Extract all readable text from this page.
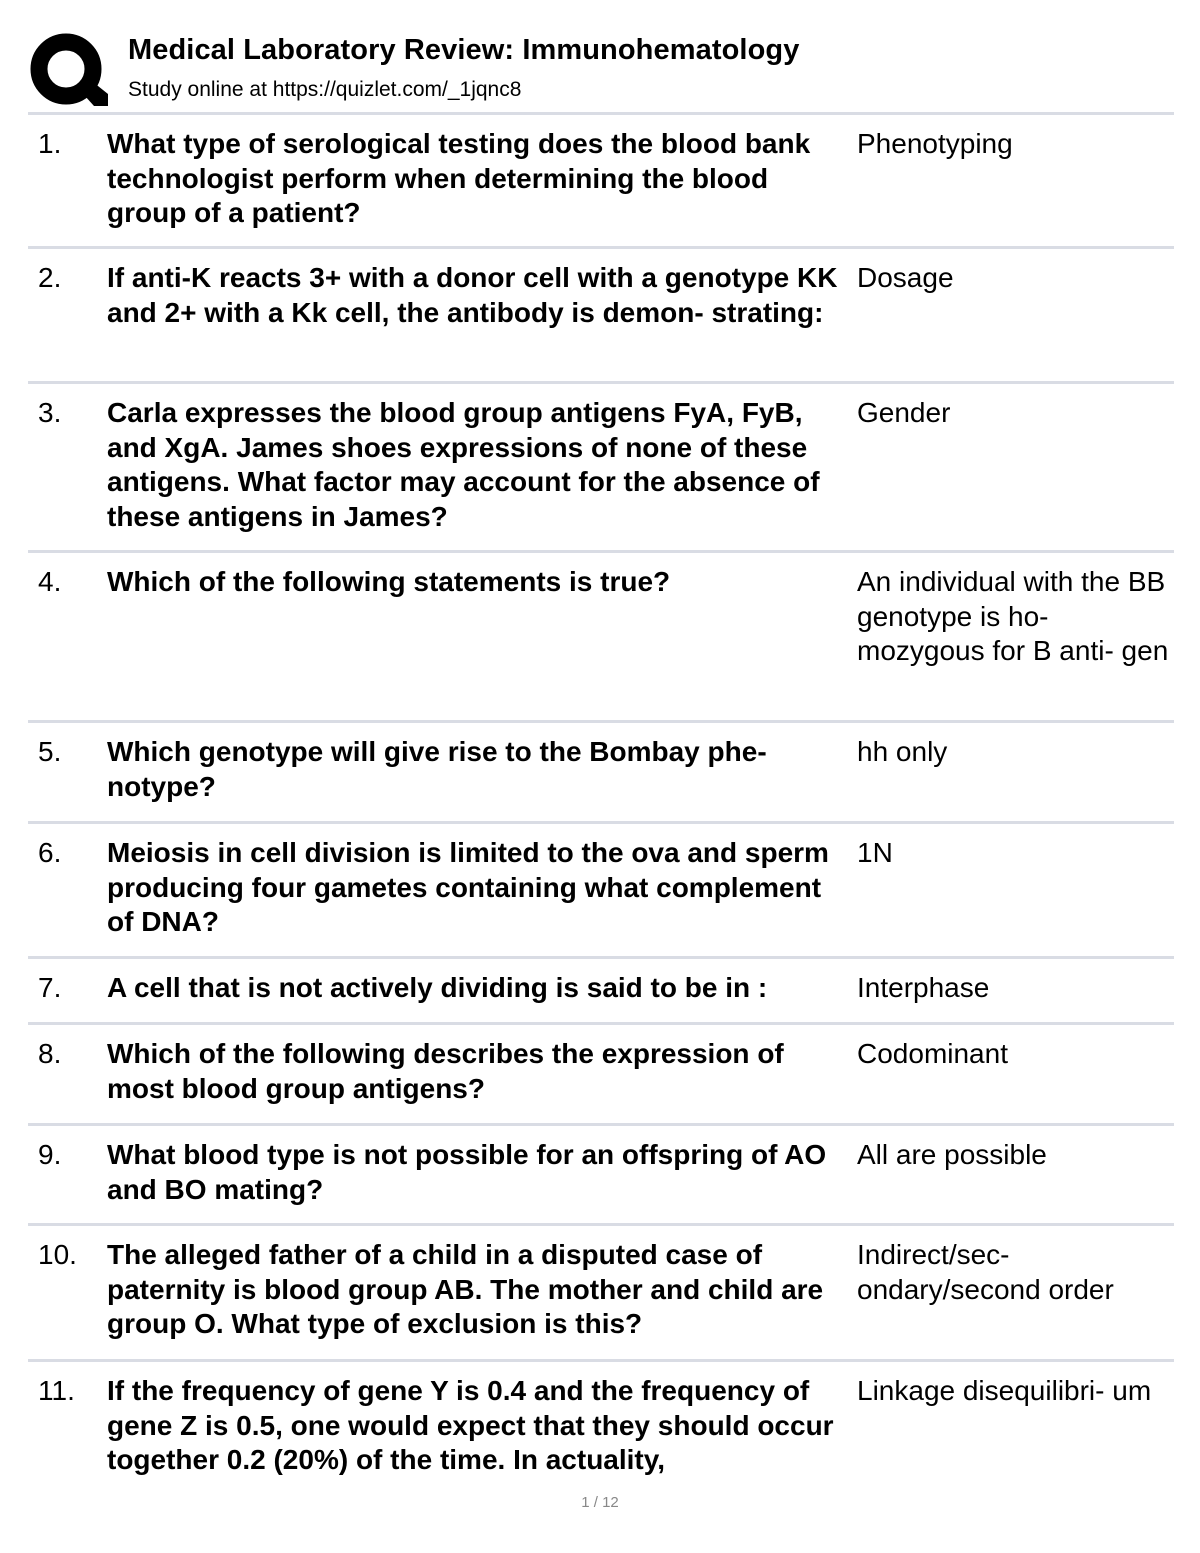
Medical Laboratory Review: Immunohematology
Study online at https://quizlet.com/_1jqnc8
1. What type of serological testing does the blood bank technologist perform when determining the blood group of a patient?
Phenotyping
2. If anti-K reacts 3+ with a donor cell with a genotype KK and 2+ with a Kk cell, the antibody is demon- strating:
Dosage
3. Carla expresses the blood group antigens FyA, FyB, and XgA. James shoes expressions of none of these antigens. What factor may account for the absence of these antigens in James?
Gender
4. Which of the following statements is true?	An individual with the BB genotype is ho- mozygous for B anti- gen
5. Which genotype will give rise to the Bombay phe- notype?
hh only
6. Meiosis in cell division is limited to the ova and sperm producing four gametes containing what complement of DNA?
1N
7. A cell that is not actively dividing is said to be in :	Interphase
8. Which of the following describes the expression of most blood group antigens?
Codominant
9. What blood type is not possible for an offspring of AO and BO mating?
All are possible
10. The alleged father of a child in a disputed case of paternity is blood group AB. The mother and child are group O. What type of exclusion is this?
Indirect/sec- ondary/second order
11. If the frequency of gene Y is 0.4 and the frequency of gene Z is 0.5, one would expect that they should occur together 0.2 (20%) of the time. In actuality,
Linkage disequilibri- um
1 / 12
